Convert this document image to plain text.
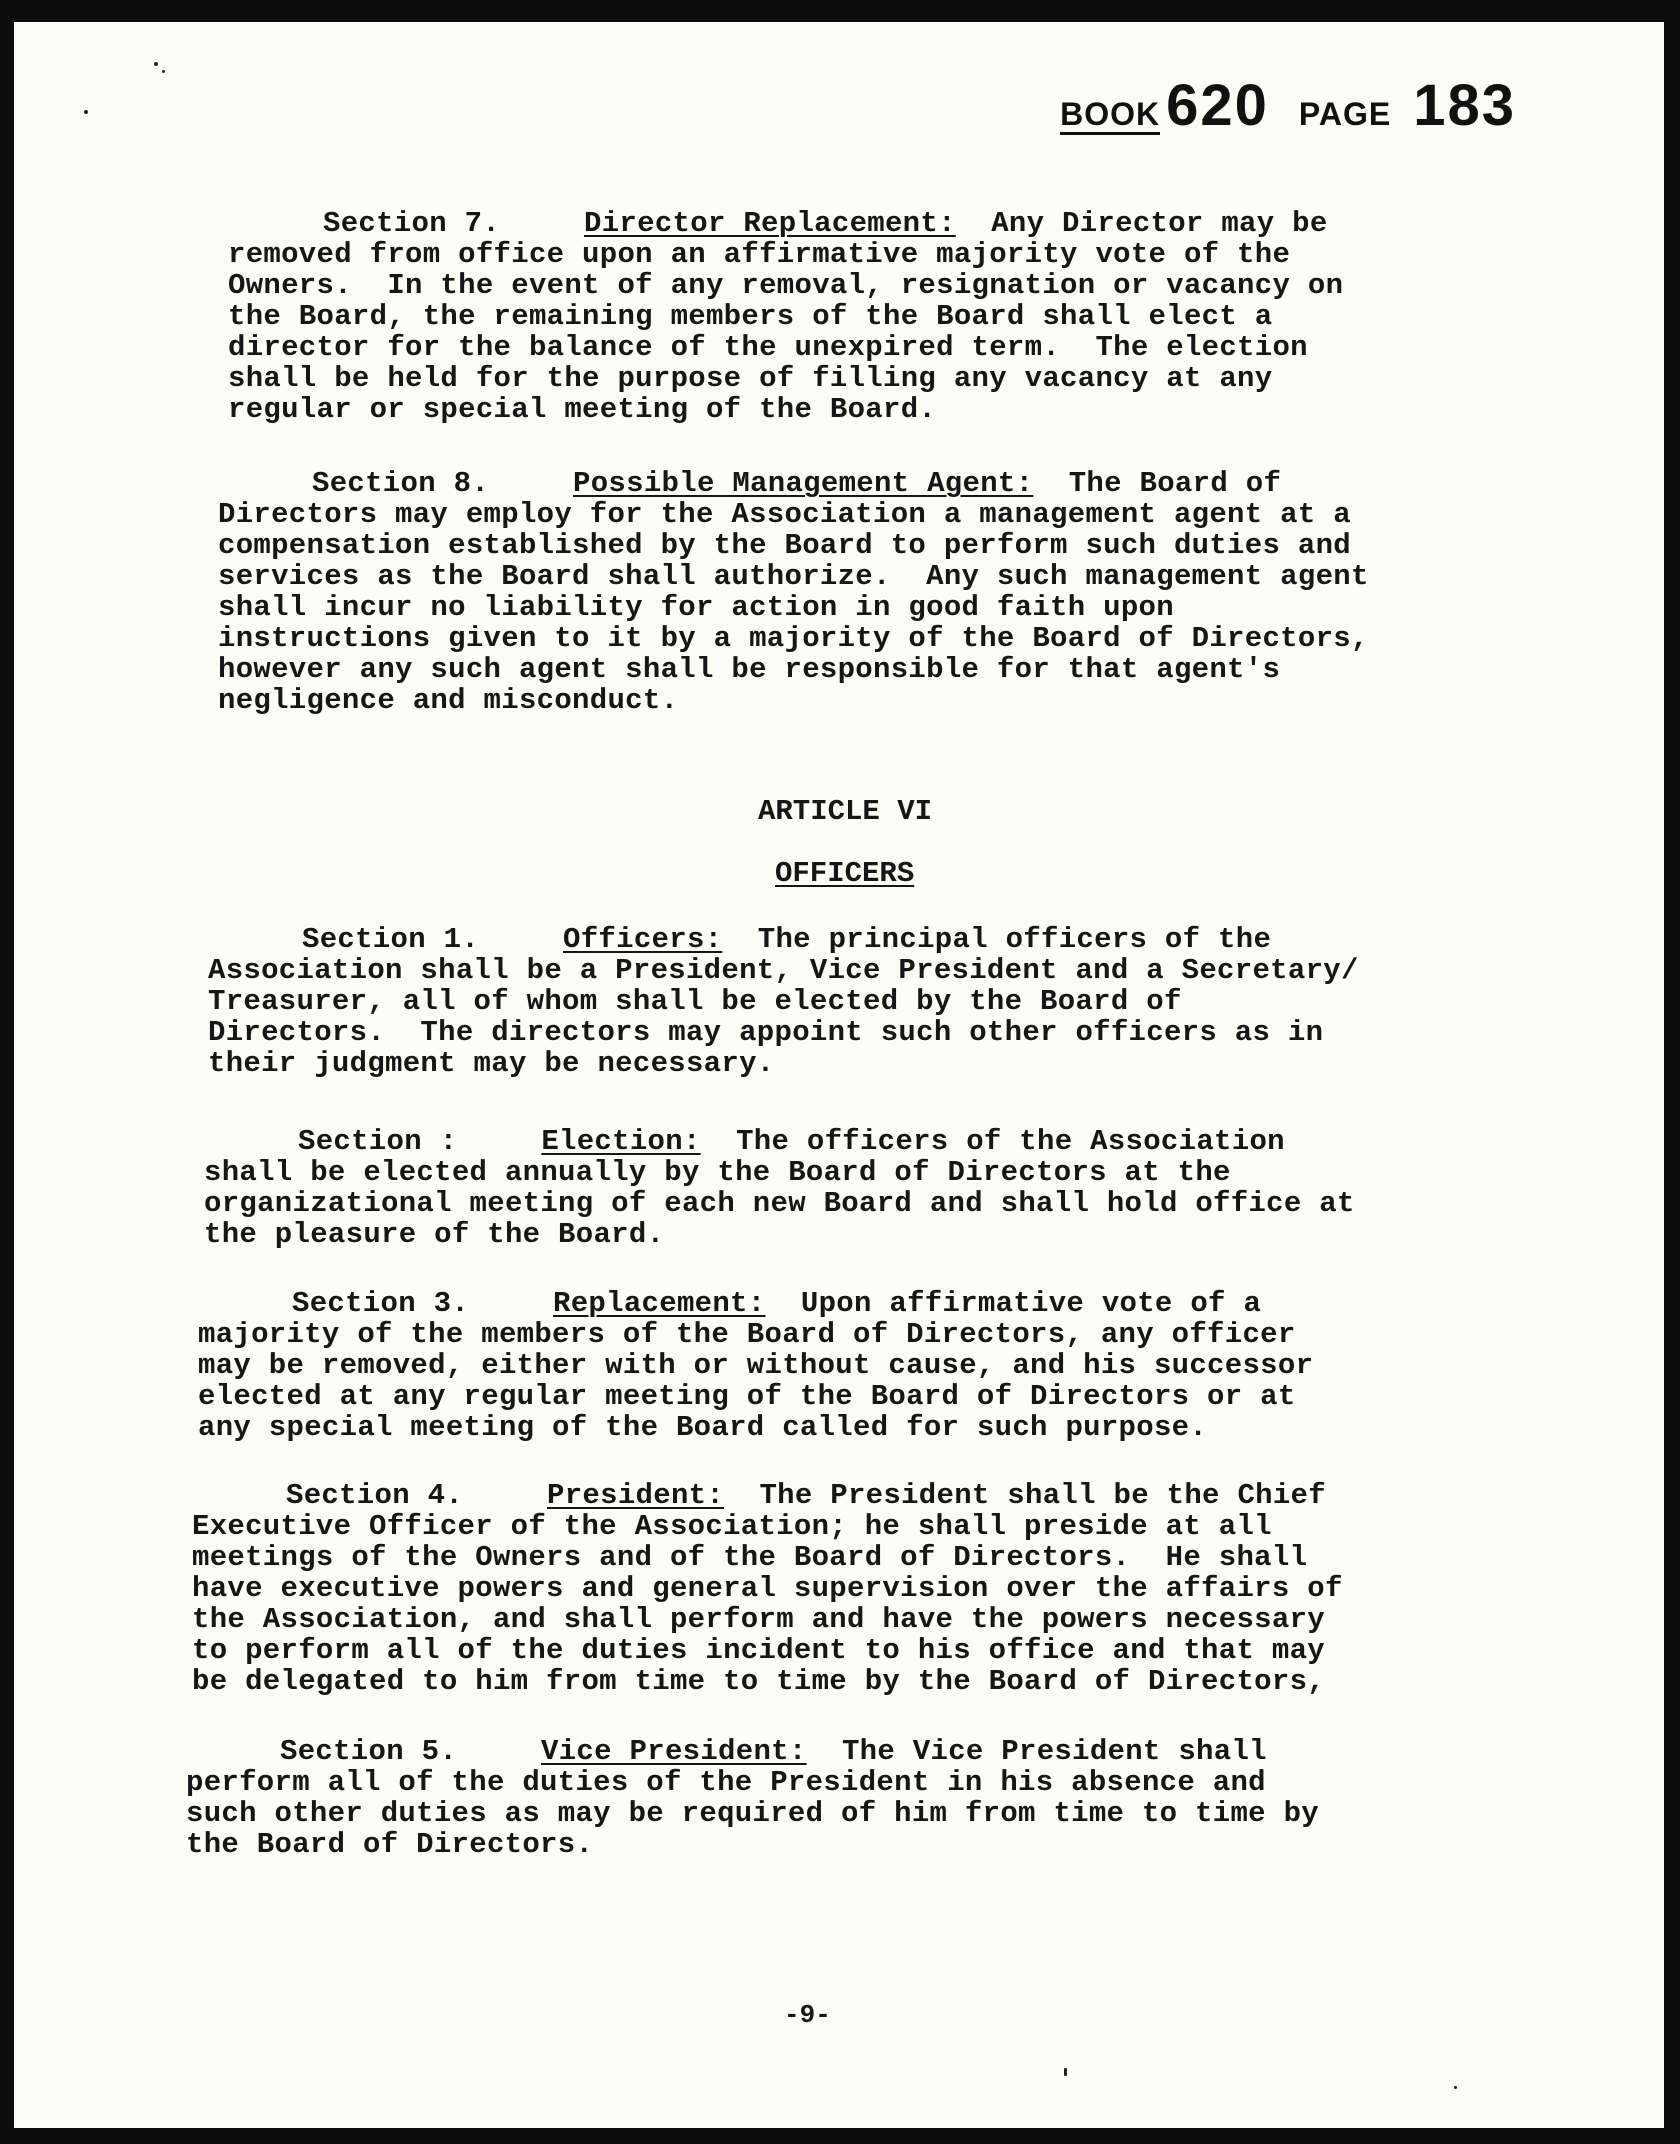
BOOK 620 PAGE 183
Section 7.	Director Replacement: Any Director may be
removed from office upon an affirmative majority vote of the
Owners.  In the event of any removal, resignation or vacancy on
the Board, the remaining members of the Board shall elect a
director for the balance of the unexpired term.  The election
shall be held for the purpose of filling any vacancy at any
regular or special meeting of the Board.
Section 8.	Possible Management Agent: The Board of
Directors may employ for the Association a management agent at a
compensation established by the Board to perform such duties and
services as the Board shall authorize.  Any such management agent
shall incur no liability for action in good faith upon
instructions given to it by a majority of the Board of Directors,
however any such agent shall be responsible for that agent's
negligence and misconduct.
ARTICLE VI
OFFICERS
Section 1.	Officers: The principal officers of the
Association shall be a President, Vice President and a Secretary/
Treasurer, all of whom shall be elected by the Board of
Directors.  The directors may appoint such other officers as in
their judgment may be necessary.
Section :	Election: The officers of the Association
shall be elected annually by the Board of Directors at the
organizational meeting of each new Board and shall hold office at
the pleasure of the Board.
Section 3.	Replacement: Upon affirmative vote of a
majority of the members of the Board of Directors, any officer
may be removed, either with or without cause, and his successor
elected at any regular meeting of the Board of Directors or at
any special meeting of the Board called for such purpose.
Section 4.	President: The President shall be the Chief
Executive Officer of the Association; he shall preside at all
meetings of the Owners and of the Board of Directors.  He shall
have executive powers and general supervision over the affairs of
the Association, and shall perform and have the powers necessary
to perform all of the duties incident to his office and that may
be delegated to him from time to time by the Board of Directors,
Section 5.	Vice President: The Vice President shall
perform all of the duties of the President in his absence and
such other duties as may be required of him from time to time by
the Board of Directors.
-9-
